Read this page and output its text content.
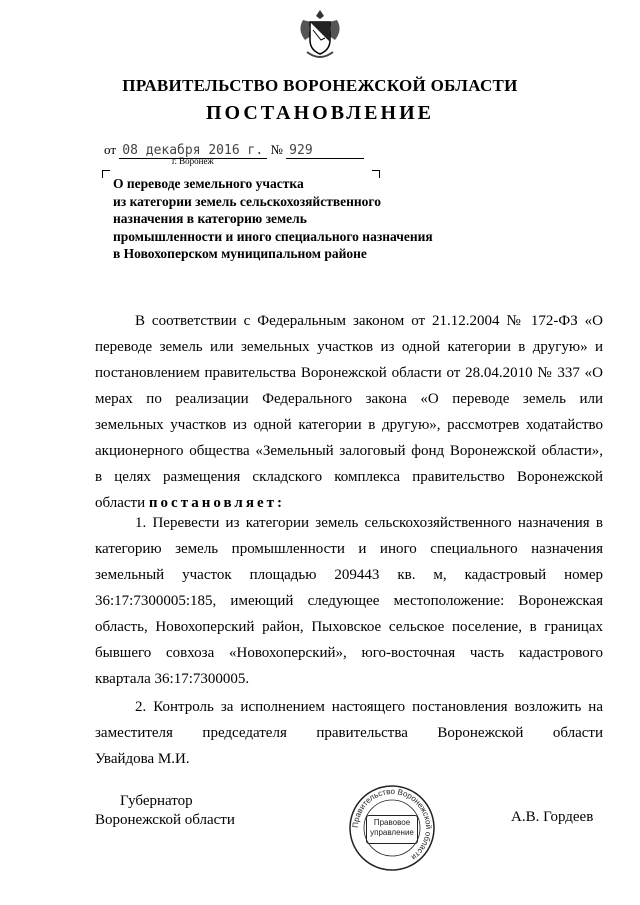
ПРАВИТЕЛЬСТВО ВОРОНЕЖСКОЙ ОБЛАСТИ
ПОСТАНОВЛЕНИЕ
от 08 декабря 2016 г. № 929
г. Воронеж
О переводе земельного участка
из категории земель сельскохозяйственного
назначения в категорию земель
промышленности и иного специального назначения
в Новохоперском муниципальном районе
В соответствии с Федеральным законом от 21.12.2004 № 172-ФЗ «О
переводе земель или земельных участков из одной категории в другую» и
постановлением правительства Воронежской области от 28.04.2010 № 337 «О
мерах по реализации Федерального закона «О переводе земель или
земельных участков из одной категории в другую», рассмотрев ходатайство
акционерного общества «Земельный залоговый фонд Воронежской области»,
в целях размещения складского комплекса правительство Воронежской
области постановляет:
1. Перевести из категории земель сельскохозяйственного назначения в
категорию земель промышленности и иного специального назначения
земельный участок площадью 209443 кв. м, кадастровый номер
36:17:7300005:185, имеющий следующее местоположение: Воронежская
область, Новохоперский район, Пыховское сельское поселение, в границах
бывшего совхоза «Новохоперский», юго-восточная часть кадастрового
квартала 36:17:7300005.
2. Контроль за исполнением настоящего постановления возложить на
заместителя председателя правительства Воронежской области
Увайдова М.И.
Губернатор
Воронежской области	Правительство Воронежской области
Правовое
управление
А.В. Гордеев
